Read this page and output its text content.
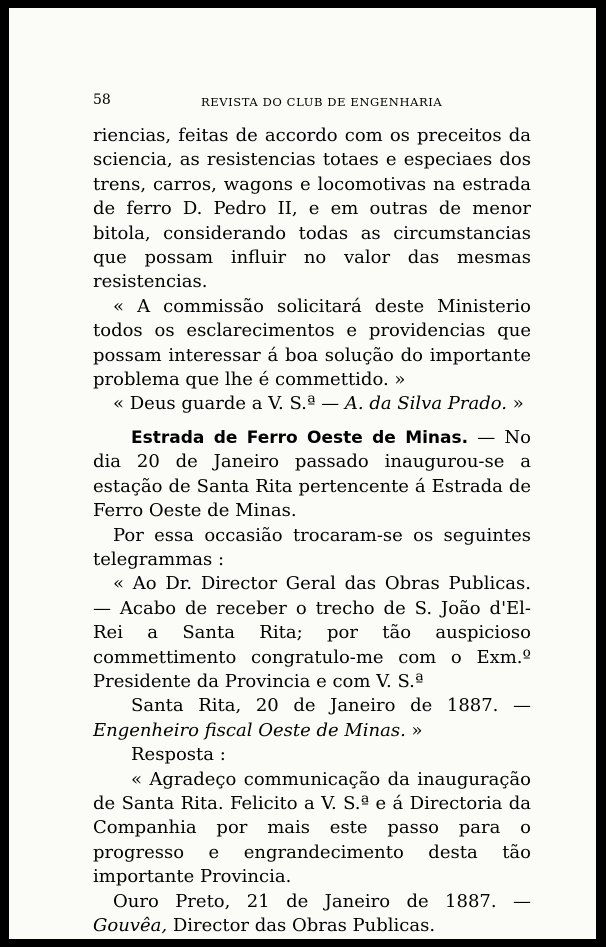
58	REVISTA DO CLUB DE ENGENHARIA

riencias, feitas de accordo com os preceitos da sciencia, as resistencias totaes e especiaes dos trens, carros, wagons e locomotivas na estrada de ferro D. Pedro II, e em outras de menor bitola, considerando todas as circumstancias que possam influir no valor das mesmas resistencias.

« A commissão solicitará deste Ministerio todos os esclarecimentos e providencias que possam interessar á boa solução do importante problema que lhe é commettido. »

« Deus guarde a V. S.ª — A. da Silva Prado. »

Estrada de Ferro Oeste de Minas. — No dia 20 de Janeiro passado inaugurou-se a estação de Santa Rita pertencente á Estrada de Ferro Oeste de Minas.

Por essa occasião trocaram-se os seguintes telegrammas :

« Ao Dr. Director Geral das Obras Publicas. — Acabo de receber o trecho de S. João d'El-Rei a Santa Rita; por tão auspicioso commettimento congratulo-me com o Exm.º Presidente da Provincia e com V. S.ª

Santa Rita, 20 de Janeiro de 1887. — Engenheiro fiscal Oeste de Minas. »

Resposta :

« Agradeço communicação da inauguração de Santa Rita. Felicito a V. S.ª e á Directoria da Companhia por mais este passo para o progresso e engrandecimento desta tão importante Provincia.

Ouro Preto, 21 de Janeiro de 1887. — Gouvêa, Director das Obras Publicas.
